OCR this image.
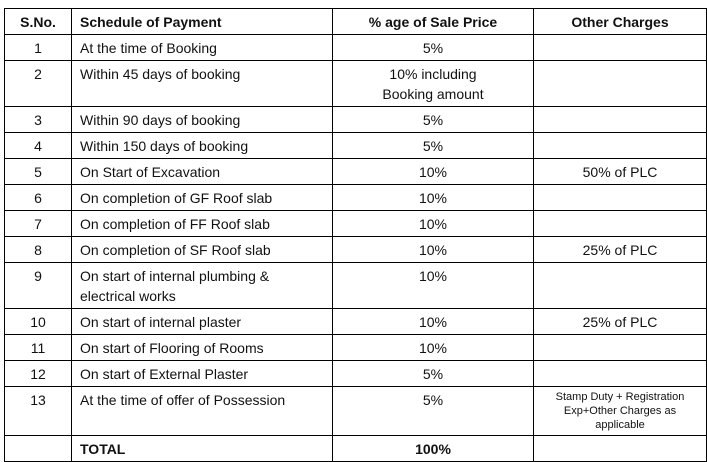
S.No.	Schedule of Payment	% age of Sale Price	Other Charges
1	At the time of Booking	5%	
2	Within 45 days of booking	10% including Booking amount	
3	Within 90 days of booking	5%	
4	Within 150 days of booking	5%	
5	On Start of Excavation	10%	50% of PLC
6	On completion of GF Roof slab	10%	
7	On completion of FF Roof slab	10%	
8	On completion of SF Roof slab	10%	25% of PLC
9	On start of internal plumbing & electrical works	10%	
10	On start of internal plaster	10%	25% of PLC
11	On start of Flooring of Rooms	10%	
12	On start of External Plaster	5%	
13	At the time of offer of Possession	5%	Stamp Duty + Registration Exp+Other Charges as applicable
	TOTAL	100%	
